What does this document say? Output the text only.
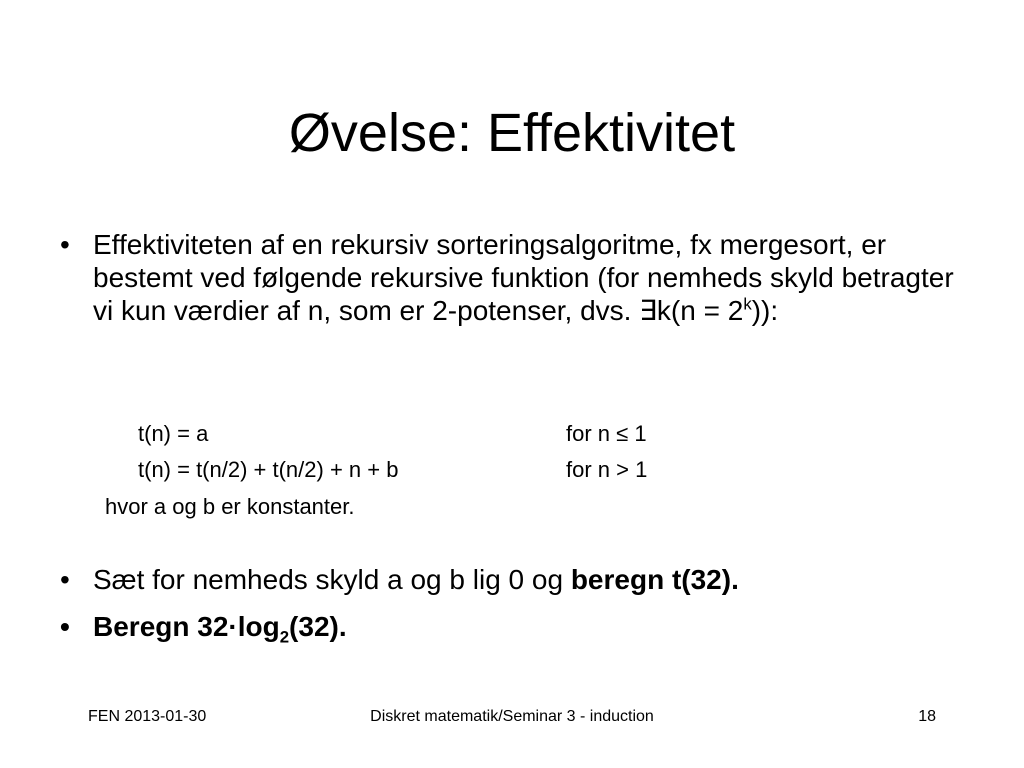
Øvelse: Effektivitet
• Effektiviteten af en rekursiv sorteringsalgoritme, fx mergesort, er bestemt ved følgende rekursive funktion (for nemheds skyld betragter vi kun værdier af n, som er 2-potenser, dvs. ∃k(n = $2^k$)):
t(n) = a	for n ≤ 1
t(n) = t(n/2) + t(n/2) + n + b	for n > 1
hvor a og b er konstanter.
• Sæt for nemheds skyld a og b lig 0 og beregn t(32).
• Beregn $32\cdot\log_2(32)$.
FEN 2013-01-30	Diskret matematik/Seminar 3 - induction	18
